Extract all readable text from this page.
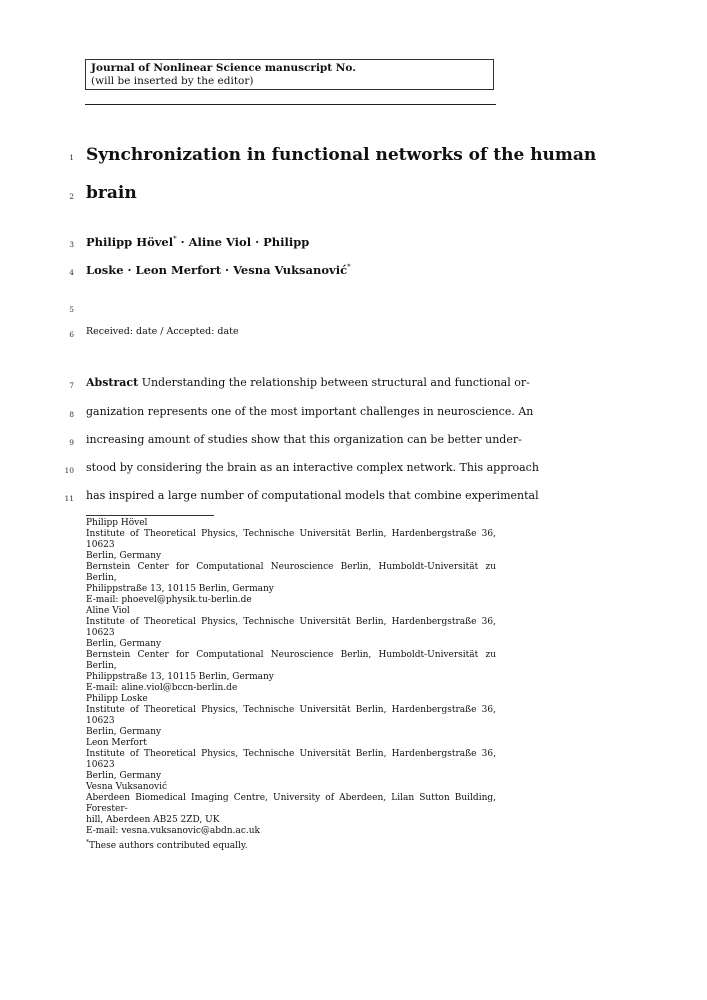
Journal of Nonlinear Science manuscript No.
(will be inserted by the editor)
1 Synchronization in functional networks of the human
2 brain
3 Philipp Hövel* · Aline Viol · Philipp
4 Loske · Leon Merfort · Vesna Vuksanović*
5
6 Received: date / Accepted: date
7 Abstract Understanding the relationship between structural and functional or-
8 ganization represents one of the most important challenges in neuroscience. An
9 increasing amount of studies show that this organization can be better under-
10 stood by considering the brain as an interactive complex network. This approach
11 has inspired a large number of computational models that combine experimental
Philipp Hövel
Institute of Theoretical Physics, Technische Universität Berlin, Hardenbergstraße 36, 10623
Berlin, Germany
Bernstein Center for Computational Neuroscience Berlin, Humboldt-Universität zu Berlin,
Philippstraße 13, 10115 Berlin, Germany
E-mail: phoevel@physik.tu-berlin.de
Aline Viol
Institute of Theoretical Physics, Technische Universität Berlin, Hardenbergstraße 36, 10623
Berlin, Germany
Bernstein Center for Computational Neuroscience Berlin, Humboldt-Universität zu Berlin,
Philippstraße 13, 10115 Berlin, Germany
E-mail: aline.viol@bccn-berlin.de
Philipp Loske
Institute of Theoretical Physics, Technische Universität Berlin, Hardenbergstraße 36, 10623
Berlin, Germany
Leon Merfort
Institute of Theoretical Physics, Technische Universität Berlin, Hardenbergstraße 36, 10623
Berlin, Germany
Vesna Vuksanović
Aberdeen Biomedical Imaging Centre, University of Aberdeen, Lilan Sutton Building, Forester-
hill, Aberdeen AB25 2ZD, UK
E-mail: vesna.vuksanovic@abdn.ac.uk
*These authors contributed equally.
